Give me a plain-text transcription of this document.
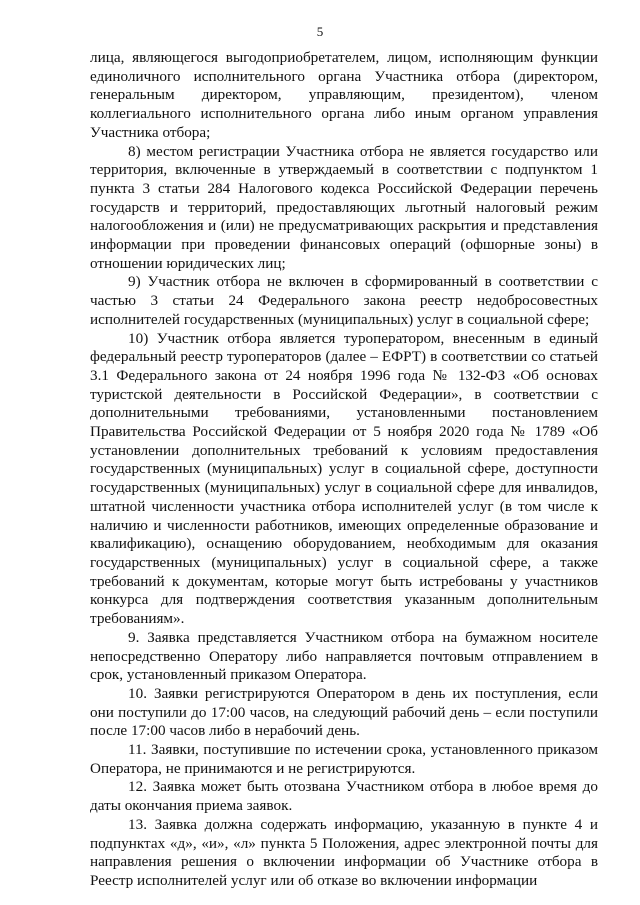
5

лица, являющегося выгодоприобретателем, лицом, исполняющим функции единоличного исполнительного органа Участника отбора (директором, генеральным директором, управляющим, президентом), членом коллегиального исполнительного органа либо иным органом управления Участника отбора;

8) местом регистрации Участника отбора не является государство или территория, включенные в утверждаемый в соответствии с подпунктом 1 пункта 3 статьи 284 Налогового кодекса Российской Федерации перечень государств и территорий, предоставляющих льготный налоговый режим налогообложения и (или) не предусматривающих раскрытия и представления информации при проведении финансовых операций (офшорные зоны) в отношении юридических лиц;

9) Участник отбора не включен в сформированный в соответствии с частью 3 статьи 24 Федерального закона реестр недобросовестных исполнителей государственных (муниципальных) услуг в социальной сфере;

10) Участник отбора является туроператором, внесенным в единый федеральный реестр туроператоров (далее – ЕФРТ) в соответствии со статьей 3.1 Федерального закона от 24 ноября 1996 года № 132-ФЗ «Об основах туристской деятельности в Российской Федерации», в соответствии с дополнительными требованиями, установленными постановлением Правительства Российской Федерации от 5 ноября 2020 года № 1789 «Об установлении дополнительных требований к условиям предоставления государственных (муниципальных) услуг в социальной сфере, доступности государственных (муниципальных) услуг в социальной сфере для инвалидов, штатной численности участника отбора исполнителей услуг (в том числе к наличию и численности работников, имеющих определенные образование и квалификацию), оснащению оборудованием, необходимым для оказания государственных (муниципальных) услуг в социальной сфере, а также требований к документам, которые могут быть истребованы у участников конкурса для подтверждения соответствия указанным дополнительным требованиям».

9. Заявка представляется Участником отбора на бумажном носителе непосредственно Оператору либо направляется почтовым отправлением в срок, установленный приказом Оператора.

10. Заявки регистрируются Оператором в день их поступления, если они поступили до 17:00 часов, на следующий рабочий день – если поступили после 17:00 часов либо в нерабочий день.

11. Заявки, поступившие по истечении срока, установленного приказом Оператора, не принимаются и не регистрируются.

12. Заявка может быть отозвана Участником отбора в любое время до даты окончания приема заявок.

13. Заявка должна содержать информацию, указанную в пункте 4 и подпунктах «д», «и», «л» пункта 5 Положения, адрес электронной почты для направления решения о включении информации об Участнике отбора в Реестр исполнителей услуг или об отказе во включении информации
